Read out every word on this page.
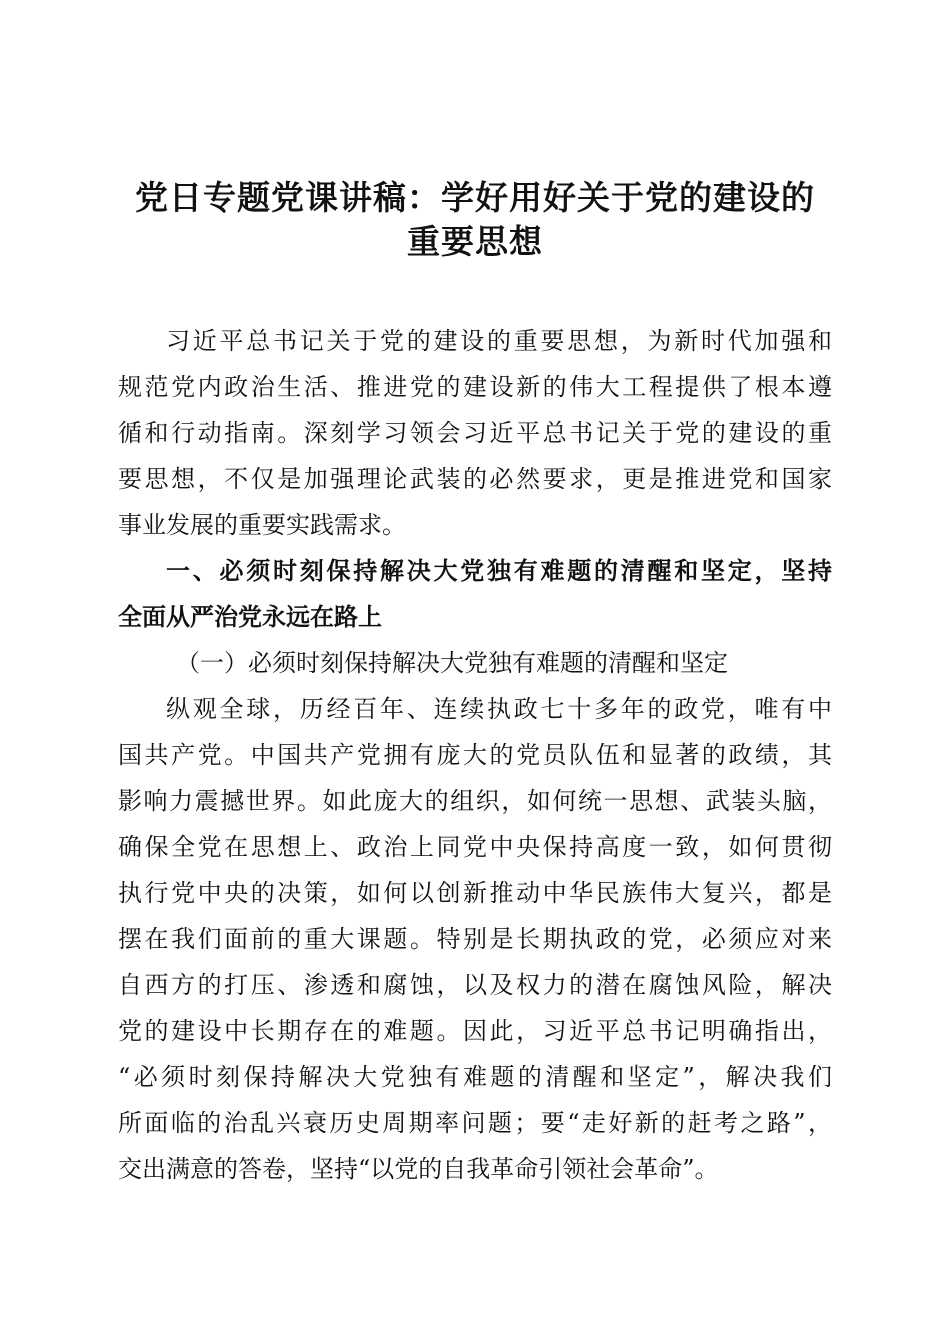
党日专题党课讲稿：学好用好关于党的建设的
重要思想
习近平总书记关于党的建设的重要思想，为新时代加强和
规范党内政治生活、推进党的建设新的伟大工程提供了根本遵
循和行动指南。深刻学习领会习近平总书记关于党的建设的重
要思想，不仅是加强理论武装的必然要求，更是推进党和国家
事业发展的重要实践需求。
一、必须时刻保持解决大党独有难题的清醒和坚定，坚持
全面从严治党永远在路上
（一）必须时刻保持解决大党独有难题的清醒和坚定
纵观全球，历经百年、连续执政七十多年的政党，唯有中
国共产党。中国共产党拥有庞大的党员队伍和显著的政绩，其
影响力震撼世界。如此庞大的组织，如何统一思想、武装头脑，
确保全党在思想上、政治上同党中央保持高度一致，如何贯彻
执行党中央的决策，如何以创新推动中华民族伟大复兴，都是
摆在我们面前的重大课题。特别是长期执政的党，必须应对来
自西方的打压、渗透和腐蚀，以及权力的潜在腐蚀风险，解决
党的建设中长期存在的难题。因此，习近平总书记明确指出，
“必须时刻保持解决大党独有难题的清醒和坚定”，解决我们
所面临的治乱兴衰历史周期率问题；要“走好新的赶考之路”，
交出满意的答卷，坚持“以党的自我革命引领社会革命”。
